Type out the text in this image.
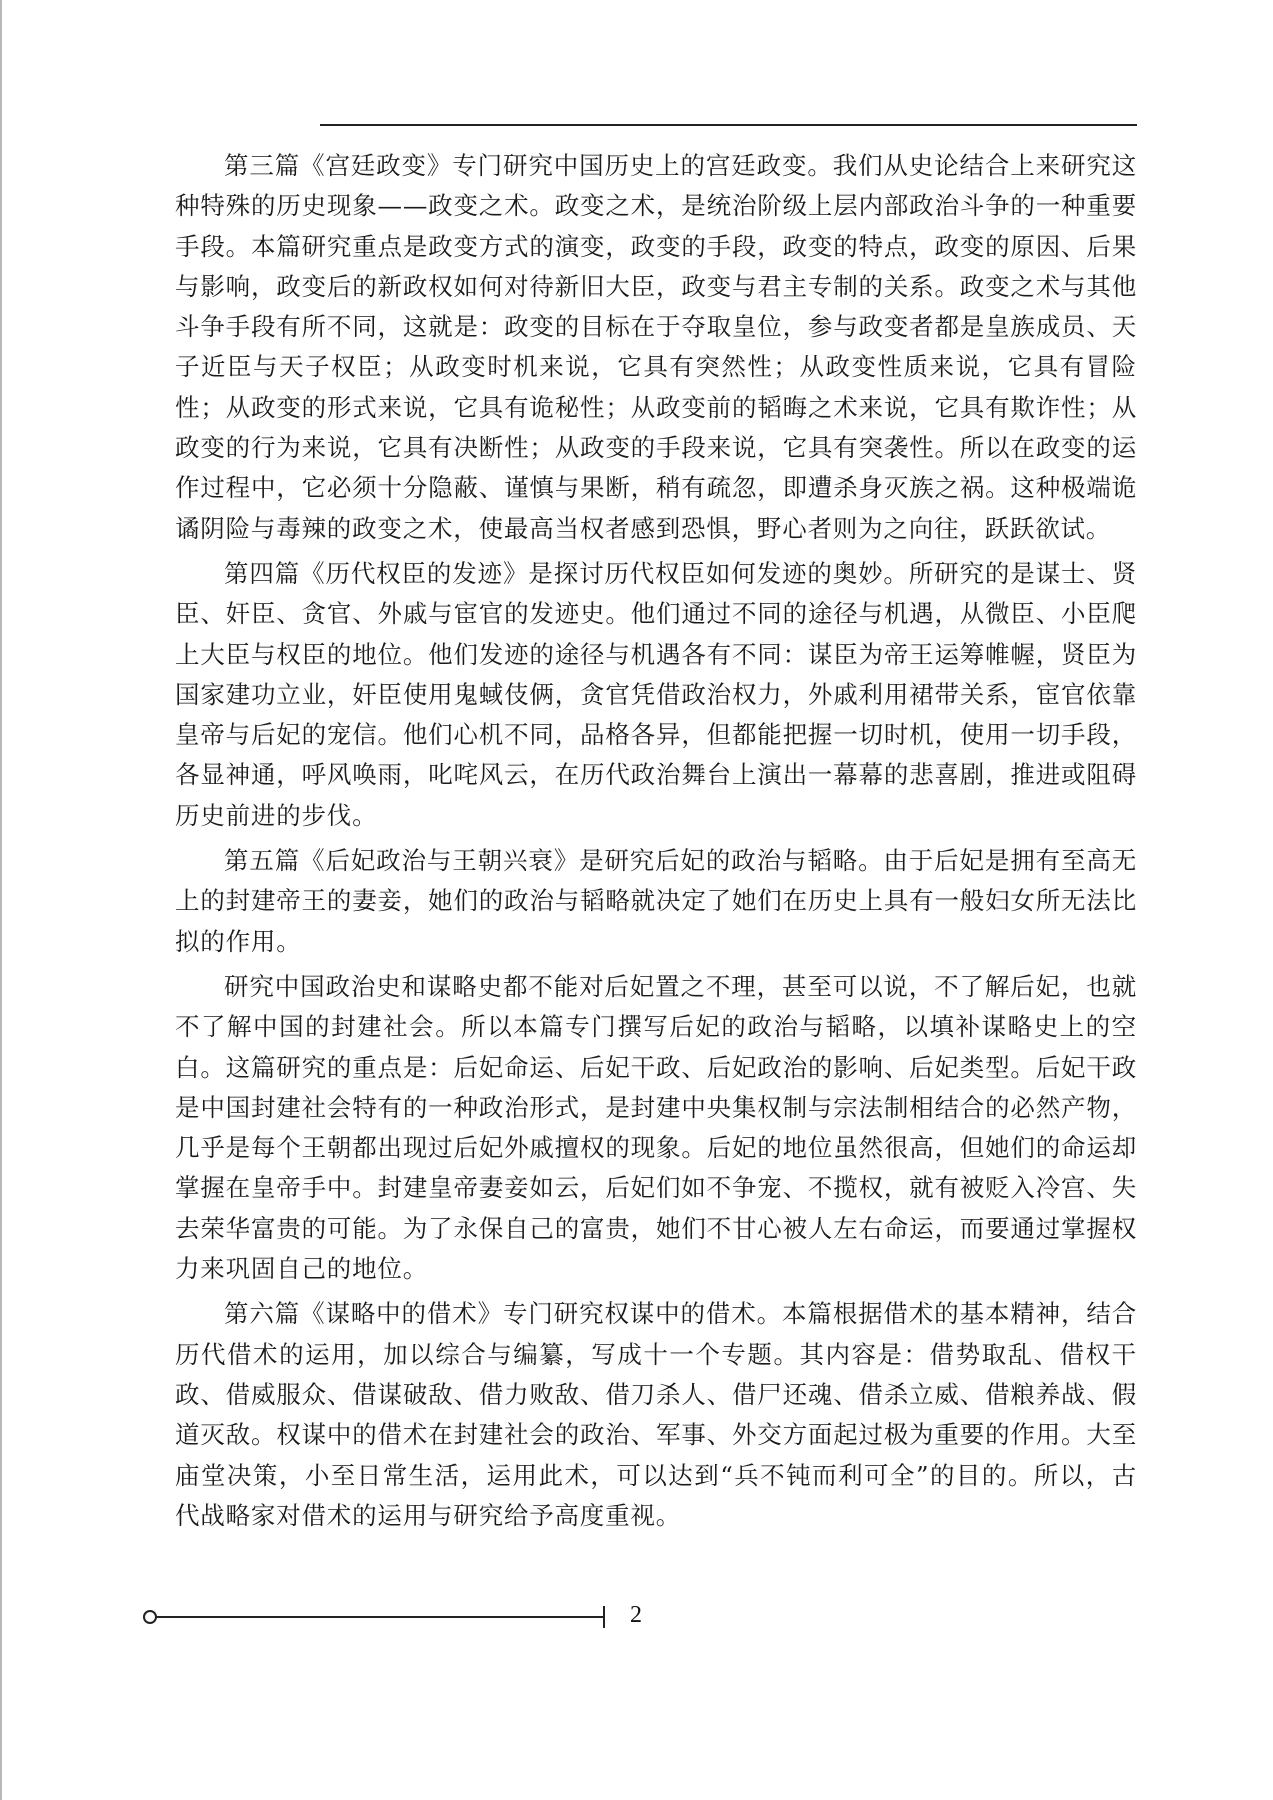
第三篇《宫廷政变》专门研究中国历史上的宫廷政变。我们从史论结合上来研究这种特殊的历史现象——政变之术。政变之术，是统治阶级上层内部政治斗争的一种重要手段。本篇研究重点是政变方式的演变，政变的手段，政变的特点，政变的原因、后果与影响，政变后的新政权如何对待新旧大臣，政变与君主专制的关系。政变之术与其他斗争手段有所不同，这就是：政变的目标在于夺取皇位，参与政变者都是皇族成员、天子近臣与天子权臣；从政变时机来说，它具有突然性；从政变性质来说，它具有冒险性；从政变的形式来说，它具有诡秘性；从政变前的韬晦之术来说，它具有欺诈性；从政变的行为来说，它具有决断性；从政变的手段来说，它具有突袭性。所以在政变的运作过程中，它必须十分隐蔽、谨慎与果断，稍有疏忽，即遭杀身灭族之祸。这种极端诡谲阴险与毒辣的政变之术，使最高当权者感到恐惧，野心者则为之向往，跃跃欲试。

第四篇《历代权臣的发迹》是探讨历代权臣如何发迹的奥妙。所研究的是谋士、贤臣、奸臣、贪官、外戚与宦官的发迹史。他们通过不同的途径与机遇，从微臣、小臣爬上大臣与权臣的地位。他们发迹的途径与机遇各有不同：谋臣为帝王运筹帷幄，贤臣为国家建功立业，奸臣使用鬼蜮伎俩，贪官凭借政治权力，外戚利用裙带关系，宦官依靠皇帝与后妃的宠信。他们心机不同，品格各异，但都能把握一切时机，使用一切手段，各显神通，呼风唤雨，叱咤风云，在历代政治舞台上演出一幕幕的悲喜剧，推进或阻碍历史前进的步伐。

第五篇《后妃政治与王朝兴衰》是研究后妃的政治与韬略。由于后妃是拥有至高无上的封建帝王的妻妾，她们的政治与韬略就决定了她们在历史上具有一般妇女所无法比拟的作用。

研究中国政治史和谋略史都不能对后妃置之不理，甚至可以说，不了解后妃，也就不了解中国的封建社会。所以本篇专门撰写后妃的政治与韬略，以填补谋略史上的空白。这篇研究的重点是：后妃命运、后妃干政、后妃政治的影响、后妃类型。后妃干政是中国封建社会特有的一种政治形式，是封建中央集权制与宗法制相结合的必然产物，几乎是每个王朝都出现过后妃外戚擅权的现象。后妃的地位虽然很高，但她们的命运却掌握在皇帝手中。封建皇帝妻妾如云，后妃们如不争宠、不揽权，就有被贬入冷宫、失去荣华富贵的可能。为了永保自己的富贵，她们不甘心被人左右命运，而要通过掌握权力来巩固自己的地位。

第六篇《谋略中的借术》专门研究权谋中的借术。本篇根据借术的基本精神，结合历代借术的运用，加以综合与编纂，写成十一个专题。其内容是：借势取乱、借权干政、借威服众、借谋破敌、借力败敌、借刀杀人、借尸还魂、借杀立威、借粮养战、假道灭敌。权谋中的借术在封建社会的政治、军事、外交方面起过极为重要的作用。大至庙堂决策，小至日常生活，运用此术，可以达到“兵不钝而利可全”的目的。所以，古代战略家对借术的运用与研究给予高度重视。

2
